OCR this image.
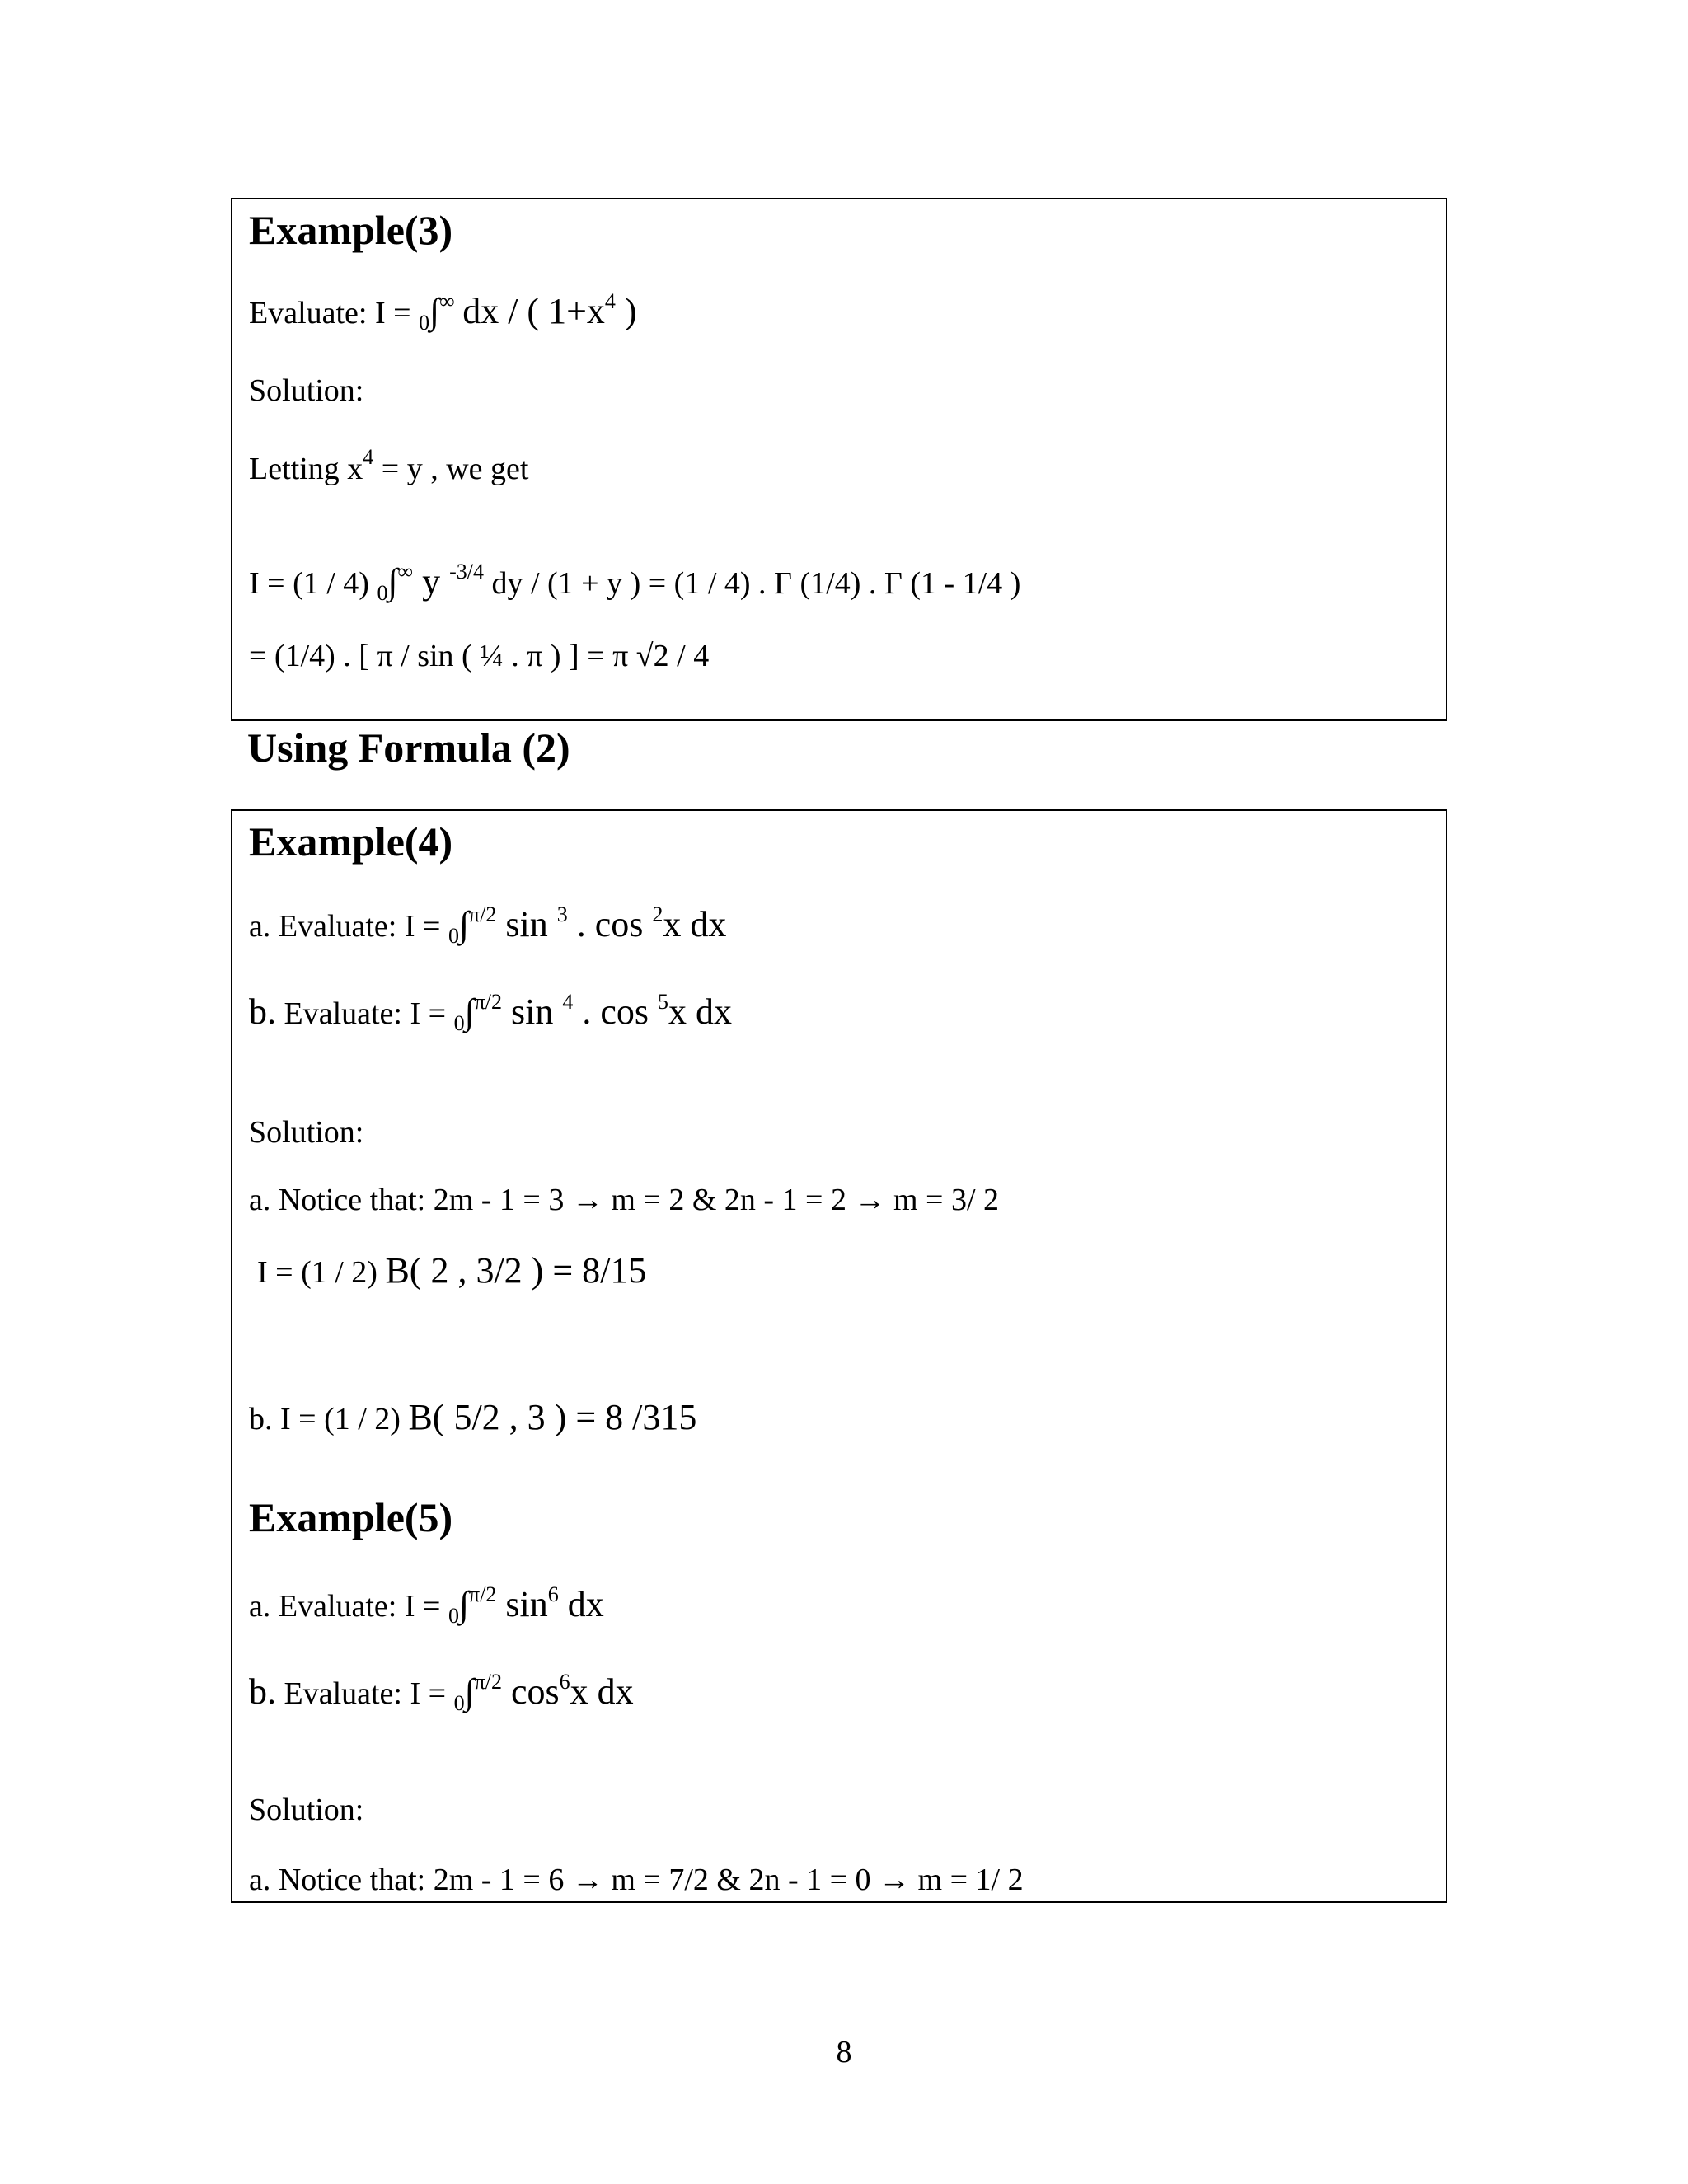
Example(3)
Evaluate: I = $_0$∫∞ dx / ( $1+x^4$ )
Solution:
Letting $x^4 = y$ , we get
I = (1 / 4) $_0$∫∞ y $^{-3/4}$ dy / (1 + y ) = (1 / 4) . Γ (1/4) . Γ (1 - 1/4 )
= (1/4) . [ π / sin ( ¼ . π ) ] = π √2 / 4
Using Formula (2)
Example(4)
a. Evaluate: I = $_0$∫$^{\pi/2}$ sin $^3$ . cos $^2$x dx
b. Evaluate: I = $_0$∫$^{\pi/2}$ sin $^4$ . cos $^5$x dx
Solution:
a. Notice that: 2m - 1 = 3 → m = 2 & 2n - 1 = 2 → m = 3/ 2
I = (1 / 2) B( 2 , 3/2 ) = 8/15
b. I = (1 / 2) B( 5/2 , 3 ) = 8 /315
Example(5)
a. Evaluate: I = $_0$∫$^{\pi/2}$ $\sin^6$ dx
b. Evaluate: I = $_0$∫$^{\pi/2}$ $\cos^6x$ dx
Solution:
a. Notice that: 2m - 1 = 6 → m = 7/2 & 2n - 1 = 0 → m = 1/ 2
8
